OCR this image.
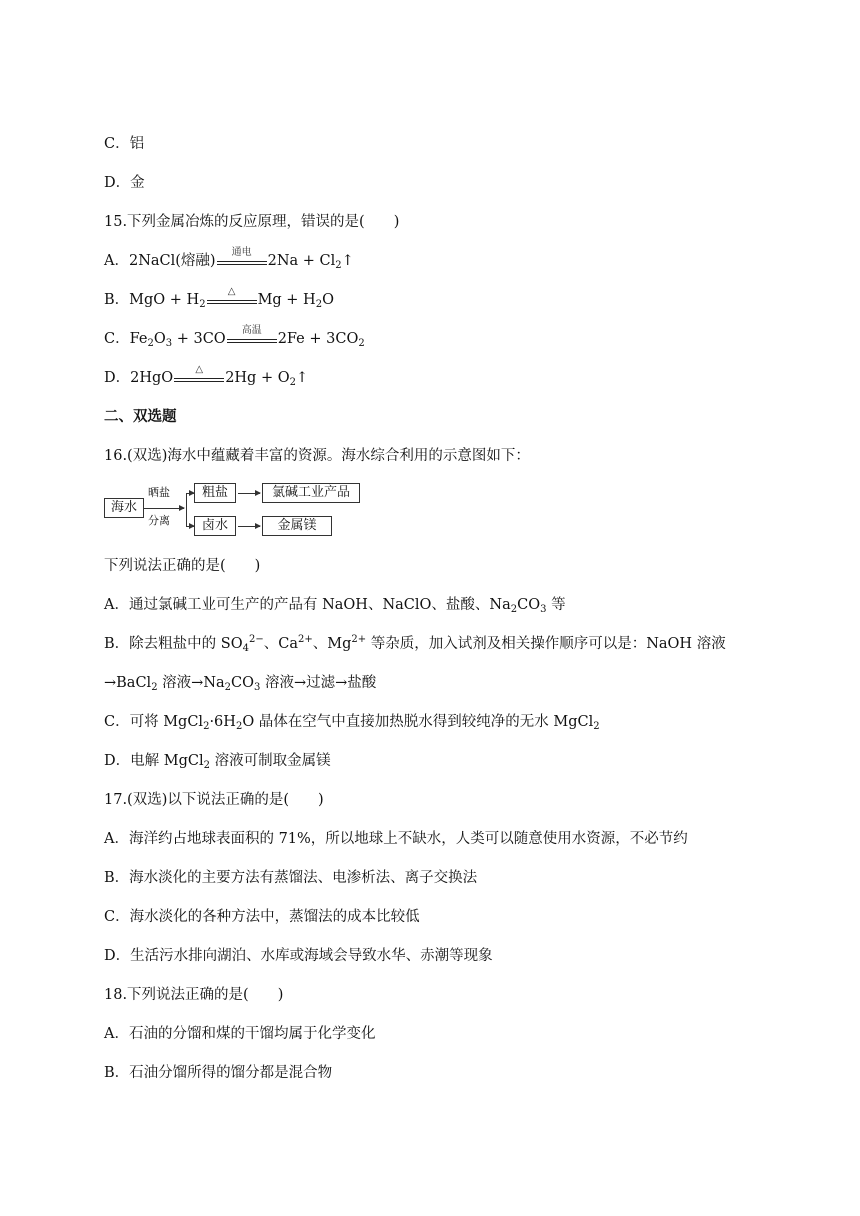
C．铝
D．金
15.下列金属冶炼的反应原理，错误的是(　　)
A．2NaCl(熔融)
通电
$2Na + Cl_2↑$
B．MgO + $H_2$
△
$Mg + H_2O$
C．$Fe_2O_3 + 3CO$
高温
$2Fe + 3CO_2$
D．2HgO
△
$2Hg + O_2↑$
二、双选题
16.(双选)海水中蕴藏着丰富的资源。海水综合利用的示意图如下：
海水
晒盐
分离
粗盐
卤水
氯碱工业产品
金属镁
下列说法正确的是(　　)
A．通过氯碱工业可生产的产品有 NaOH、NaClO、盐酸、$Na_2CO_3$ 等
B．除去粗盐中的 $SO_4^{2-}$、$Ca^{2+}$、$Mg^{2+}$ 等杂质，加入试剂及相关操作顺序可以是：NaOH 溶液
→BaCl$_2$ 溶液$\to Na_2CO_3$ 溶液→过滤→盐酸
C．可将 $MgCl_2\cdot 6H_2O$ 晶体在空气中直接加热脱水得到较纯净的无水 MgCl$_2$
D．电解 MgCl$_2$ 溶液可制取金属镁
17.(双选)以下说法正确的是(　　)
A．海洋约占地球表面积的 71%，所以地球上不缺水，人类可以随意使用水资源，不必节约
B．海水淡化的主要方法有蒸馏法、电渗析法、离子交换法
C．海水淡化的各种方法中，蒸馏法的成本比较低
D．生活污水排向湖泊、水库或海域会导致水华、赤潮等现象
18.下列说法正确的是(　　)
A．石油的分馏和煤的干馏均属于化学变化
B．石油分馏所得的馏分都是混合物
